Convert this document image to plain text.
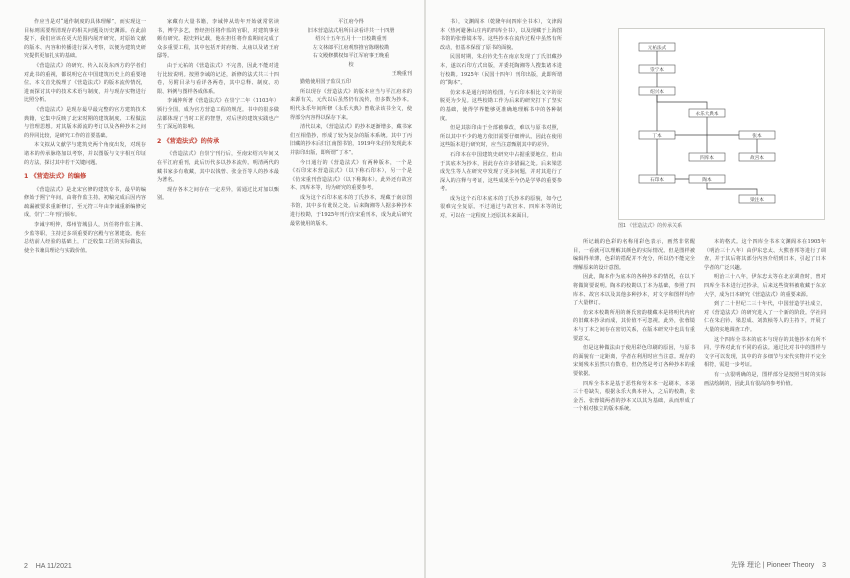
作应当是对“通作制度的具体理解”，而实现这一目标则需要理清现存的相关问题及历史渊源。在此前提下，我们应该在更大范围内展开研究，对原始文献的版本、内容和传播进行深入考察，以便为建筑史研究提供更加扎实的基础。

《营造法式》的研究、传入以及东西方的学者们对此书的重视，都说明它在中国建筑历史上的重要地位。本文首先梳理了《营造法式》的版本流传情况，进而探讨其中的技术术语与制度，并与现存实物进行比照分析。

《营造法式》是现存最早最完整的官方建筑技术典籍，它集中反映了北宋时期的建筑制度、工程做法与管理思想。对其版本源流的考订以及各种抄本之间的异同比较，是研究工作的首要基础。

本文拟从文献学与建筑史两个角度出发，对现存诸本的传承脉络加以考察，并以图版与文字相互印证的方法，探讨其中若干关键问题。

1 《营造法式》的编修

《营造法式》是北宋官修的建筑专书，最早的编修始于熙宁年间，由将作监主持。初稿完成后因内容疏漏被要求重新修订，至元符三年由李诫重新编修完成，崇宁二年刊行颁布。

李诫字明仲，郑州管城县人，历任将作监主簿、少监等职，主持过多项重要的宫殿与官署建设。他在总结前人经验的基础上，广泛收集工匠的实际做法，使全书兼具理论与实践价值。

家藏有大量书籍，李诫仲从幼年开始就常常读书，博学多艺，曾经担任将作监的官职，对建筑事业颇有研究。据史料记载，他在担任将作监期间完成了众多重要工程，其中包括开封府衙、太庙以及诸王府邸等。

由于元祐的《营造法式》不完善，因此不能对进行比较说明。按照李诫的记述，新修的法式共三十四卷，另附目录与看详各两卷，其中总释、制度、功限、料例与图样各成体系。

李诫仲所著《营造法式》在崇宁二年（1103年）颁行全国，成为官方营造工程的规范。书中的很多做法都体现了当时工匠的智慧，对后世的建筑实践也产生了深远的影响。

2 《营造法式》的传承

《营造法式》自崇宁刊行后，至南宋绍兴年间又在平江府重刊，此后历代多以抄本流传。明清两代的藏书家多有收藏，其中以钱曾、张金吾等人的抄本最为著名。

现存各本之间存在一定差异，需通过比对加以甄别。

平江府今得
旧本营造法式用所目录看详共一十四册
绍兴十五年五月十一日校勘重刊
左文林郎平江府观察推官陈纲校勘
右文殿修撰权知平江军府事王晚重
校
王晚重刊

勤勉使用国子监员五印

所以现存《营造法式》的版本应当与平江府本的来源有关，元代以后虽然仍有流传，但多数为抄本。明代永乐年间所修《永乐大典》曾收录该书全文，使得部分内容得以保存下来。

清代以来，《营造法式》的抄本逐渐增多，藏书家们互相借抄，形成了较为复杂的版本系统。其中丁丙旧藏的抄本后归江南图书馆，1919年朱启钤发现此本并影印出版，即所谓“丁本”。

今日通行的《营造法式》有两种版本，一个是《石印宋本营造法式》（以下称石印本），另一个是《仿宋重刊营造法式》（以下称陶本）。此外还有故宫本、四库本等，均为研究的重要参考。

成为这个石印本底本的丁氏抄本，现藏于南京图书馆，其中多有讹误之处。后来陶湘等人据多种抄本进行校勘，于1925年刊行仿宋重刊本，成为此后研究最常使用的版本。

2 HA 11/2021

书），文渊阁本（乾隆年间四库全书本），文津阁本（热河避暑山庄内的四库全书），以及现藏于上海图书馆的张蓉镜本等。这些抄本在流传过程中虽然有所改动，但基本保留了原书的面貌。

民国时期，朱启钤先生在南京发现了丁氏旧藏抄本，遂以石印方式出版，并委托陶湘等人搜集诸本进行校勘。1925年（民国十四年）刊印出版，此即所谓的“陶本”。

仿宋本是通行时的绘图，与石印本相比文字的误脱更为少见。这些校勘工作为后来的研究打下了坚实的基础，使得学界能够更准确地理解书中的各种制度。

但是其影印由于全部被摹改，难以与原书对照，所以其中不少的地方依旧需要仔细辨认。因此在使用这些版本进行研究时，应当注意甄别其中的差异。

石印本在中国建筑史研究中占据重要地位，但由于其底本为抄本，因此存在许多错漏之处。后来梁思成先生等人在研究中发现了更多问题，并对其进行了深入的注释与考证，这些成果至今仍是学界的重要参考。

成为这个石印本底本的丁氏抄本的原貌，如今已很难完全复原。不过通过与故宫本、四库本等的比对，可以在一定程度上还原其本来面目。

元祐法式
崇宁本
绍兴本
永乐大典本
丁本
四库本
张本
故宫本
石印本	陶本
梁注本
图1 《营造法式》的传承关系

所记载的色彩的名称用彩色表示，画然非常醒目，一看就可以理解其颜色的实际情况。但是图样被编辑得单薄，色彩的搭配并不充分，所以仍不能完全理解原来的设计意图。

因此，陶本作为底本的各种抄本的情况，在以下将做简要说明。陶本的校勘以丁本为基础，参照了四库本、故宫本以及其他多种抄本，对文字和图样均作了大量修订。

仿宋本校勘所用的蒋氏密韵楼藏本是将明代内府的旧藏本抄录而成，其价值不可忽视。此外，张蓉镜本与丁本之间存在密切关系，在版本研究中也具有重要意义。

但是这种做法由于使用彩色印刷的原因，与原书的面貌有一定距离，学者在利用时应当注意。现存的宋刻残本虽然只有数卷，但仍然是考订各种抄本的重要依据。

四库全书本是基于恶性和劳本本一起刷本，本第三十卷缺失，根据永乐大典本补入，之后的校勘，张金吾、张蓉镜两者的抄本又以其为基础，从而形成了一个相对独立的版本系统。

本的格式。这个四库全书本文渊阁本在1905年（明治三十八年）由伊东忠太、大熊喜邦等进行了调查，并于其后将其部分内容介绍到日本，引起了日本学者的广泛兴趣。

明治三十八年，伊东忠太等在北京调查时，曾对四库全书本进行过抄录，后来这些资料被收藏于东京大学，成为日本研究《营造法式》的重要来源。

到了二十世纪二三十年代，中国营造学社成立，对《营造法式》的研究进入了一个新的阶段。学社同仁在朱启钤、梁思成、刘敦桢等人的主持下，开展了大量的实地调查工作。

这个四库全书本的底本与现存的其他抄本有所不同，学界对此有不同的看法。通过比对书中的图样与文字可以发现，其中的许多细节与宋代实物并不完全相符，需进一步考证。

有一点很明确的是，图样部分是按照当时的实际画法绘制的，因此具有很高的参考价值。

先锋 理论 | Pioneer Theory 3
